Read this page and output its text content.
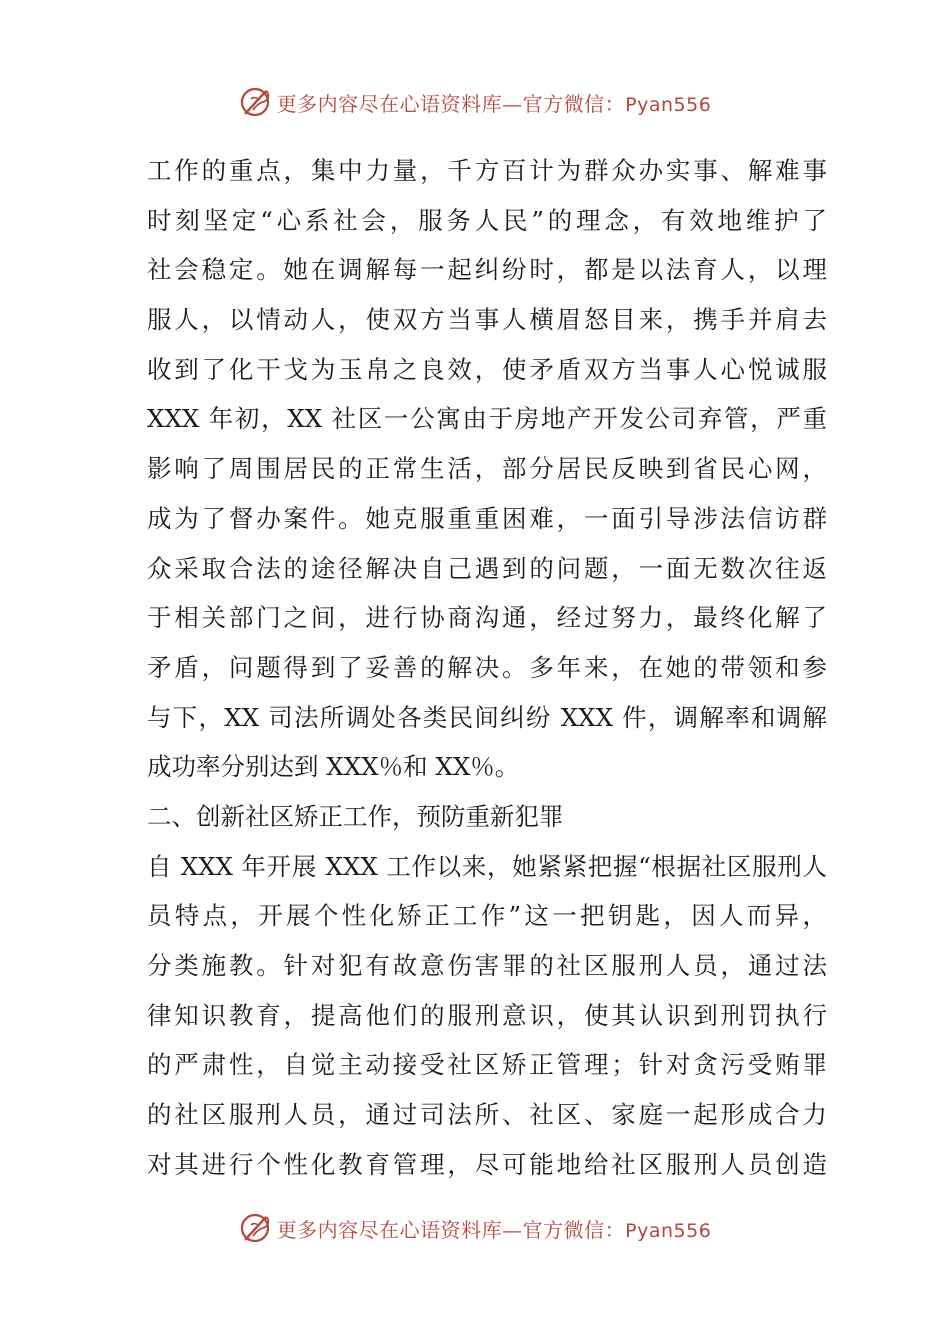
更多内容尽在心语资料库—官方微信：Pyan556
工作的重点，集中力量，千方百计为群众办实事、解难事
时刻坚定“心系社会，服务人民”的理念，有效地维护了
社会稳定。她在调解每一起纠纷时，都是以法育人，以理
服人，以情动人，使双方当事人横眉怒目来，携手并肩去
收到了化干戈为玉帛之良效，使矛盾双方当事人心悦诚服
XXX 年初，XX 社区一公寓由于房地产开发公司弃管，严重
影响了周围居民的正常生活，部分居民反映到省民心网，
成为了督办案件。她克服重重困难，一面引导涉法信访群
众采取合法的途径解决自己遇到的问题，一面无数次往返
于相关部门之间，进行协商沟通，经过努力，最终化解了
矛盾，问题得到了妥善的解决。多年来，在她的带领和参
与下，XX 司法所调处各类民间纠纷 XXX 件，调解率和调解
成功率分别达到 XXX％和 XX％。
二、创新社区矫正工作，预防重新犯罪
自 XXX 年开展 XXX 工作以来，她紧紧把握“根据社区服刑人
员特点，开展个性化矫正工作”这一把钥匙，因人而异，
分类施教。针对犯有故意伤害罪的社区服刑人员，通过法
律知识教育，提高他们的服刑意识，使其认识到刑罚执行
的严肃性，自觉主动接受社区矫正管理；针对贪污受贿罪
的社区服刑人员，通过司法所、社区、家庭一起形成合力
对其进行个性化教育管理，尽可能地给社区服刑人员创造
更多内容尽在心语资料库—官方微信：Pyan556
